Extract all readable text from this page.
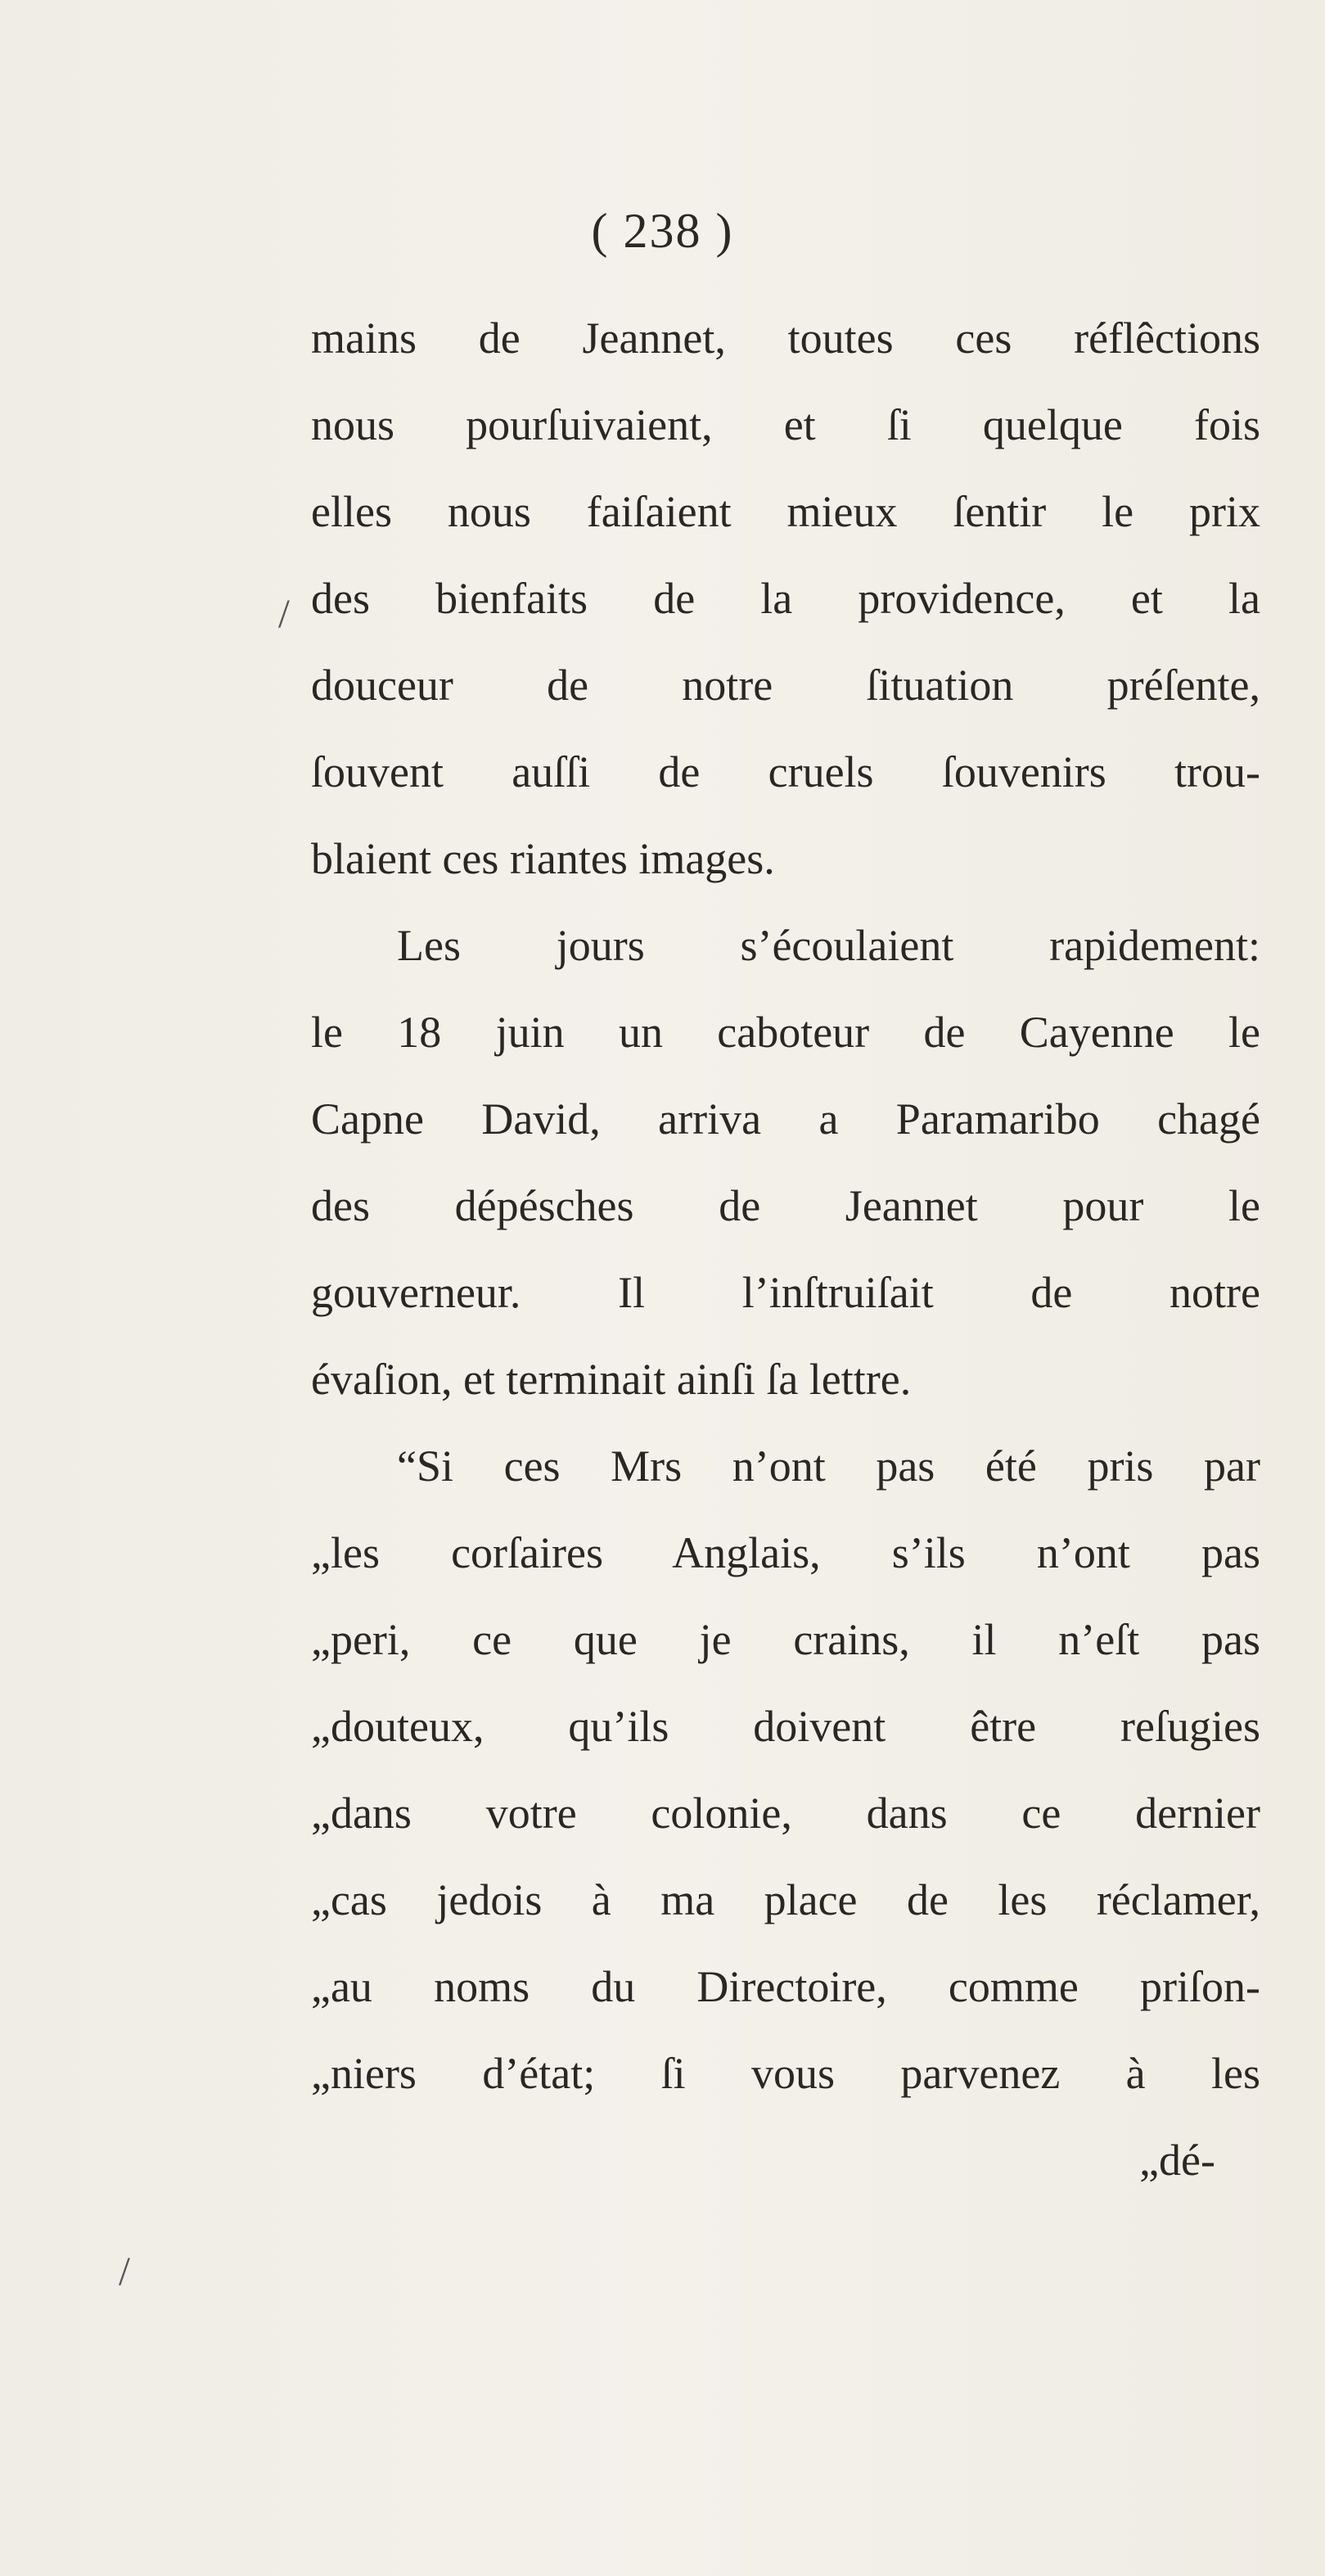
( 238 )
mains de Jeannet, toutes ces réflêctions
nous pourſuivaient, et ſi quelque fois
elles nous faiſaient mieux ſentir le prix
des bienfaits de la providence, et la
douceur de notre ſituation préſente,
ſouvent auſſi de cruels ſouvenirs trou-
blaient ces riantes images.
Les jours s’écoulaient rapidement:
le 18 juin un caboteur de Cayenne le
Capne David, arriva a Paramaribo chagé
des dépésches de Jeannet pour le
gouverneur. Il l’inſtruiſait de notre
évaſion, et terminait ainſi ſa lettre.
“Si ces Mrs n’ont pas été pris par
„les corſaires Anglais, s’ils n’ont pas
„peri, ce que je crains, il n’eſt pas
„douteux, qu’ils doivent être reſugies
„dans votre colonie, dans ce dernier
„cas jedois à ma place de les réclamer,
„au noms du Directoire, comme priſon-
„niers d’état; ſi vous parvenez à les
„dé-
/
/
